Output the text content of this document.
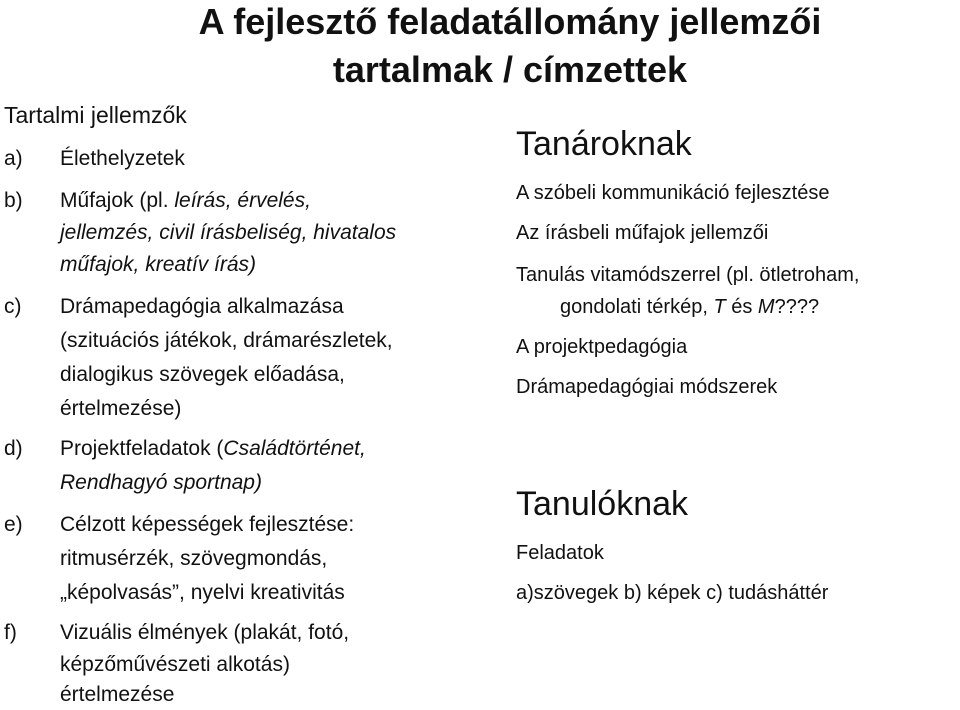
A fejlesztő feladatállomány jellemzői
tartalmak / címzettek
Tartalmi jellemzők
a)	Élethelyzetek
b)	Műfajok (pl. leírás, érvelés,
jellemzés, civil írásbeliség, hivatalos
műfajok, kreatív írás)
c)	Drámapedagógia alkalmazása
(szituációs játékok, drámarészletek,
dialogikus szövegek előadása,
értelmezése)
d)	Projektfeladatok (Családtörténet,
Rendhagyó sportnap)
e)	Célzott képességek fejlesztése:
ritmusérzék, szövegmondás,
„képolvasás”, nyelvi kreativitás
f)	Vizuális élmények (plakát, fotó,
képzőművészeti alkotás)
értelmezése
Tanároknak
A szóbeli kommunikáció fejlesztése
Az írásbeli műfajok jellemzői
Tanulás vitamódszerrel (pl. ötletroham,
gondolati térkép, T és M????
A projektpedagógia
Drámapedagógiai módszerek
Tanulóknak
Feladatok
a)szövegek b) képek c) tudásháttér
